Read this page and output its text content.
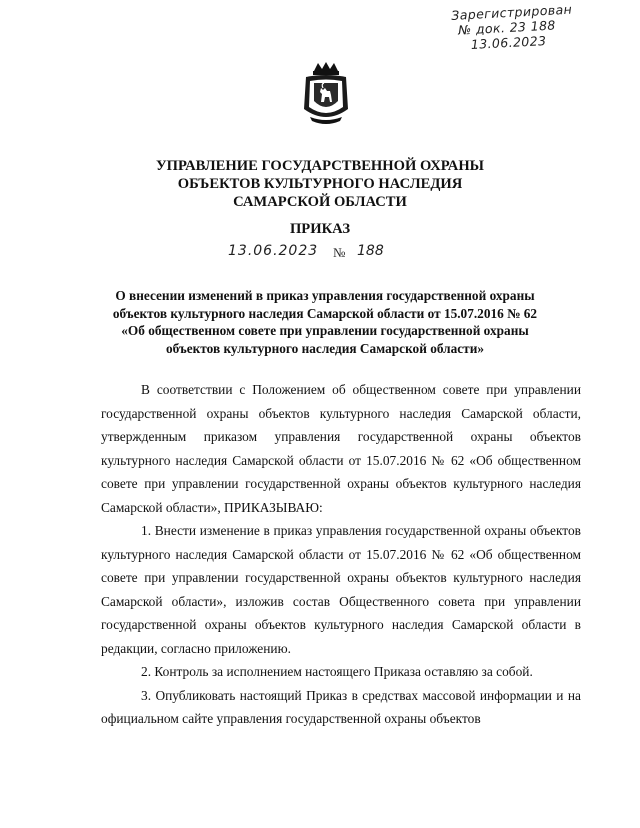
Зарегистрирован
№ док. 23 188
13.06.2023
УПРАВЛЕНИЕ ГОСУДАРСТВЕННОЙ ОХРАНЫ
ОБЪЕКТОВ КУЛЬТУРНОГО НАСЛЕДИЯ
САМАРСКОЙ ОБЛАСТИ
ПРИКАЗ
13.06.2023 № 188
О внесении изменений в приказ управления государственной охраны
объектов культурного наследия Самарской области от 15.07.2016 № 62
«Об общественном совете при управлении государственной охраны
объектов культурного наследия Самарской области»

В соответствии с Положением об общественном совете при управлении государственной охраны объектов культурного наследия Самарской области, утвержденным приказом управления государственной охраны объектов культурного наследия Самарской области от 15.07.2016 № 62 «Об общественном совете при управлении государственной охраны объектов культурного наследия Самарской области», ПРИКАЗЫВАЮ:

1. Внести изменение в приказ управления государственной охраны объектов культурного наследия Самарской области от 15.07.2016 № 62 «Об общественном совете при управлении государственной охраны объектов культурного наследия Самарской области», изложив состав Общественного совета при управлении государственной охраны объектов культурного наследия Самарской области в редакции, согласно приложению.

2. Контроль за исполнением настоящего Приказа оставляю за собой.

3. Опубликовать настоящий Приказ в средствах массовой информации и на официальном сайте управления государственной охраны объектов
